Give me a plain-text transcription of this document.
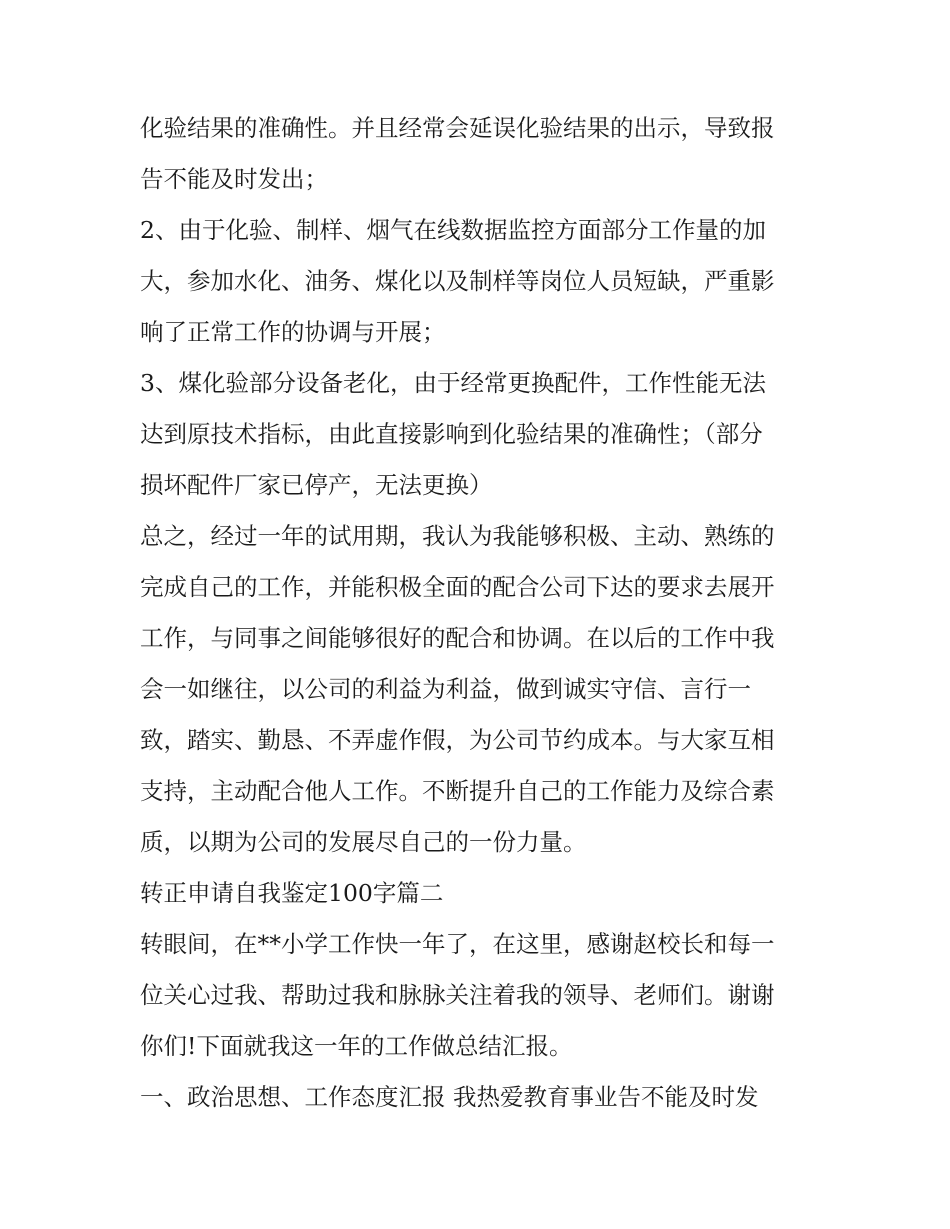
化验结果的准确性。并且经常会延误化验结果的出示，导致报
告不能及时发出；
2、由于化验、制样、烟气在线数据监控方面部分工作量的加
大，参加水化、油务、煤化以及制样等岗位人员短缺，严重影
响了正常工作的协调与开展；
3、煤化验部分设备老化，由于经常更换配件，工作性能无法
达到原技术指标，由此直接影响到化验结果的准确性；（部分
损坏配件厂家已停产，无法更换）
总之，经过一年的试用期，我认为我能够积极、主动、熟练的
完成自己的工作，并能积极全面的配合公司下达的要求去展开
工作，与同事之间能够很好的配合和协调。在以后的工作中我
会一如继往，以公司的利益为利益，做到诚实守信、言行一
致，踏实、勤恳、不弄虚作假，为公司节约成本。与大家互相
支持，主动配合他人工作。不断提升自己的工作能力及综合素
质，以期为公司的发展尽自己的一份力量。
转正申请自我鉴定100字篇二
转眼间，在**小学工作快一年了，在这里，感谢赵校长和每一
位关心过我、帮助过我和脉脉关注着我的领导、老师们。谢谢
你们!下面就我这一年的工作做总结汇报。
一、政治思想、工作态度汇报 我热爱教育事业告不能及时发
